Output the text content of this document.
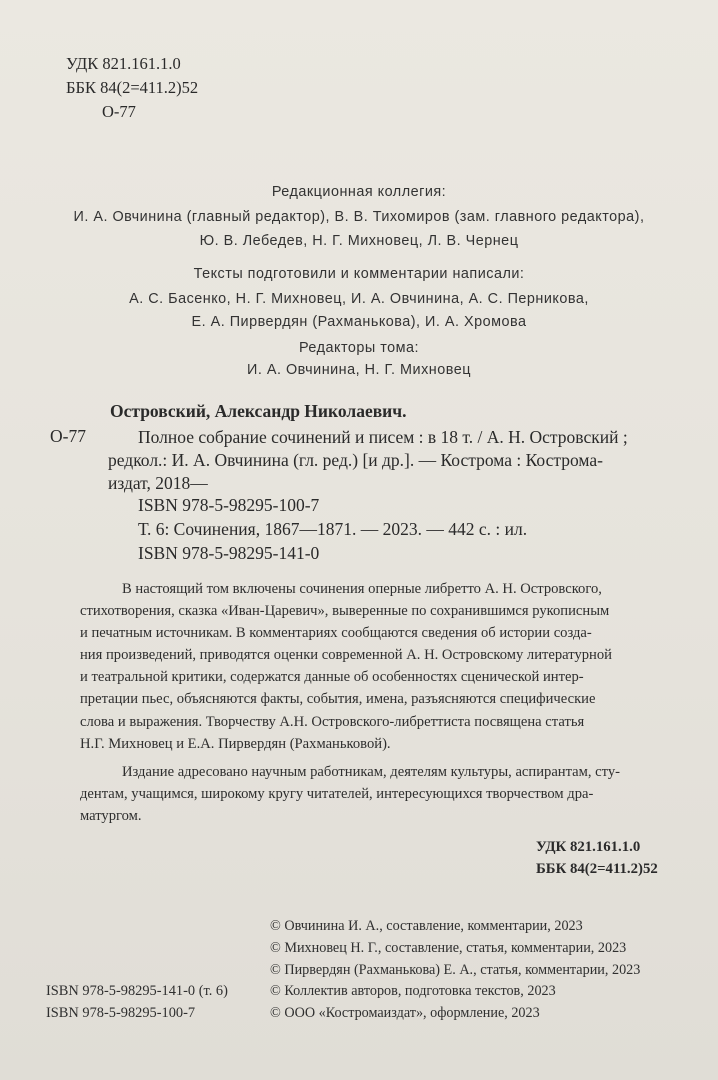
УДК 821.161.1.0
ББК 84(2=411.2)52
О-77
Редакционная коллегия:
И. А. Овчинина (главный редактор), В. В. Тихомиров (зам. главного редактора),
Ю. В. Лебедев, Н. Г. Михновец, Л. В. Чернец
Тексты подготовили и комментарии написали:
А. С. Басенко, Н. Г. Михновец, И. А. Овчинина, А. С. Перникова,
Е. А. Пирвердян (Рахманькова), И. А. Хромова
Редакторы тома:
И. А. Овчинина, Н. Г. Михновец
Островский, Александр Николаевич.
О-77	Полное собрание сочинений и писем : в 18 т. / А. Н. Островский ;
редкол.: И. А. Овчинина (гл. ред.) [и др.]. — Кострома : Кострома-
издат, 2018—
ISBN 978-5-98295-100-7
Т. 6: Сочинения, 1867—1871. — 2023. — 442 с. : ил.
ISBN 978-5-98295-141-0

В настоящий том включены сочинения оперные либретто А. Н. Островского,
стихотворения, сказка «Иван-Царевич», выверенные по сохранившимся рукописным
и печатным источникам. В комментариях сообщаются сведения об истории созда-
ния произведений, приводятся оценки современной А. Н. Островскому литературной
и театральной критики, содержатся данные об особенностях сценической интер-
претации пьес, объясняются факты, события, имена, разъясняются специфические
слова и выражения. Творчеству А.Н. Островского-либреттиста посвящена статья
Н.Г. Михновец и Е.А. Пирвердян (Рахманьковой).

Издание адресовано научным работникам, деятелям культуры, аспирантам, сту-
дентам, учащимся, широкому кругу читателей, интересующихся творчеством дра-
матургом.

УДК 821.161.1.0
ББК 84(2=411.2)52
© Овчинина И. А., составление, комментарии, 2023
© Михновец Н. Г., составление, статья, комментарии, 2023
© Пирвердян (Рахманькова) Е. А., статья, комментарии, 2023
© Коллектив авторов, подготовка текстов, 2023
© ООО «Костромаиздат», оформление, 2023
ISBN 978-5-98295-141-0 (т. 6)
ISBN 978-5-98295-100-7
